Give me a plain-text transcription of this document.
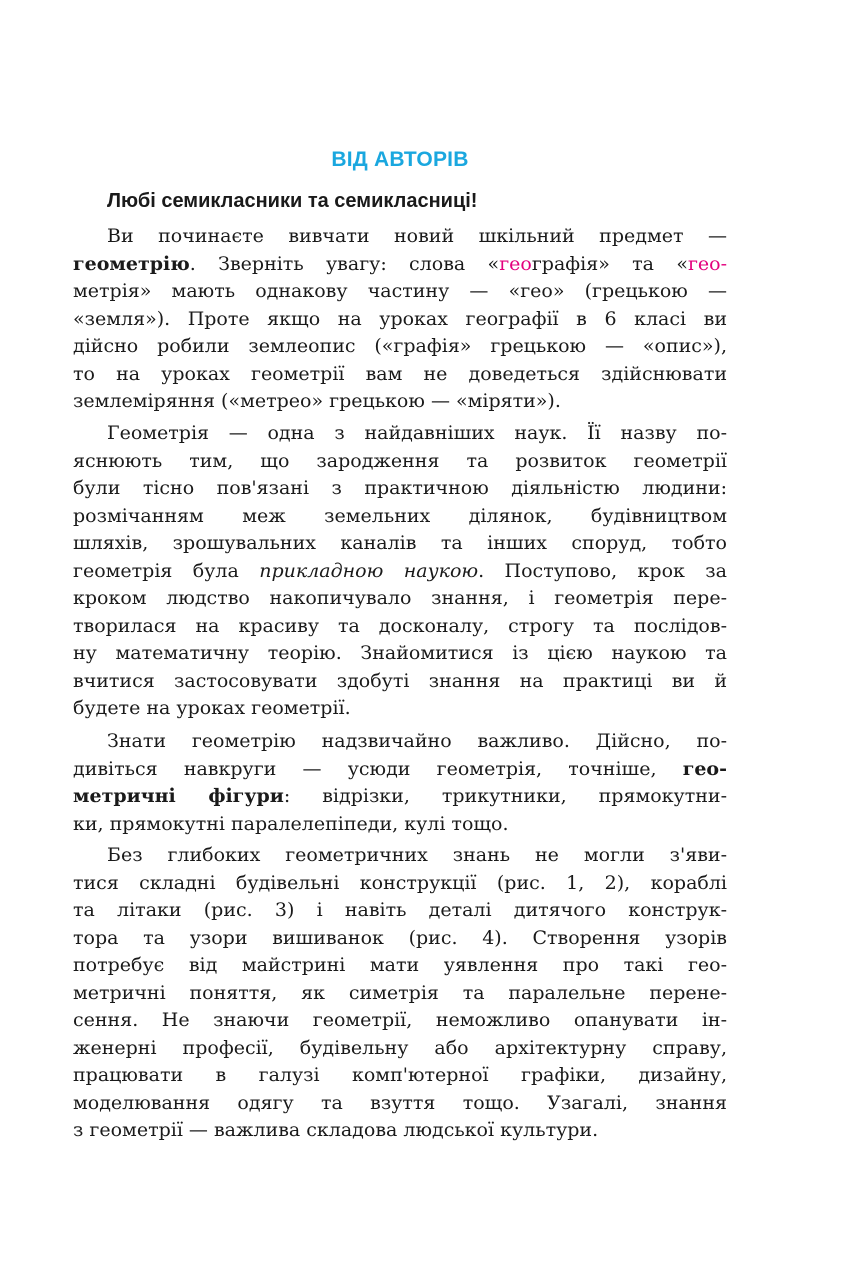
ВІД АВТОРІВ
Любі семикласники та семикласниці!
Ви починаєте вивчати новий шкільний предмет —
геометрію. Зверніть увагу: слова «географія» та «гео-
метрія» мають однакову частину — «гео» (грецькою —
«земля»). Проте якщо на уроках географії в 6 класі ви
дійсно робили землеопис («графія» грецькою — «опис»),
то на уроках геометрії вам не доведеться здійснювати
землеміряння («метрео» грецькою — «міряти»).
Геометрія — одна з найдавніших наук. Її назву по-
яснюють тим, що зародження та розвиток геометрії
були тісно пов'язані з практичною діяльністю людини:
розмічанням меж земельних ділянок, будівництвом
шляхів, зрошувальних каналів та інших споруд, тобто
геометрія була прикладною наукою. Поступово, крок за
кроком людство накопичувало знання, і геометрія пере-
творилася на красиву та досконалу, строгу та послідов-
ну математичну теорію. Знайомитися із цією наукою та
вчитися застосовувати здобуті знання на практиці ви й
будете на уроках геометрії.
Знати геометрію надзвичайно важливо. Дійсно, по-
дивіться навкруги — усюди геометрія, точніше, гео-
метричні фігури: відрізки, трикутники, прямокутни-
ки, прямокутні паралелепіпеди, кулі тощо.
Без глибоких геометричних знань не могли з'яви-
тися складні будівельні конструкції (рис. 1, 2), кораблі
та літаки (рис. 3) і навіть деталі дитячого конструк-
тора та узори вишиванок (рис. 4). Створення узорів
потребує від майстрині мати уявлення про такі гео-
метричні поняття, як симетрія та паралельне перене-
сення. Не знаючи геометрії, неможливо опанувати ін-
женерні професії, будівельну або архітектурну справу,
працювати в галузі комп'ютерної графіки, дизайну,
моделювання одягу та взуття тощо. Узагалі, знання
з геометрії — важлива складова людської культури.
